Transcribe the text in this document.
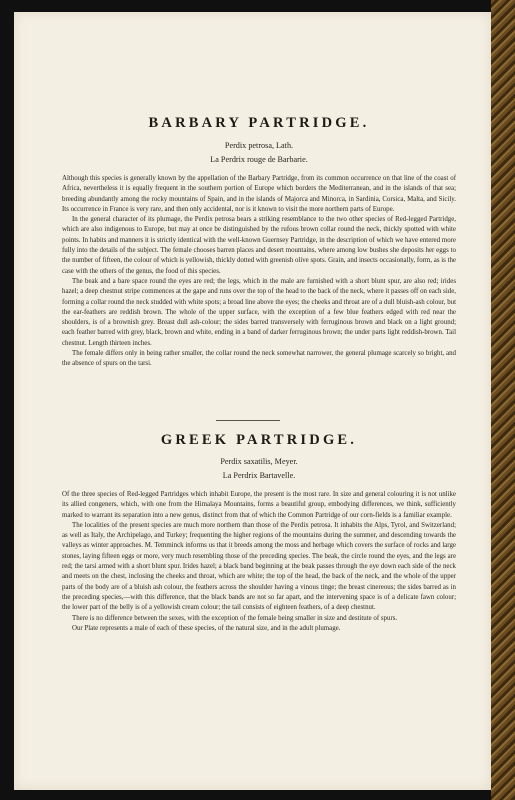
BARBARY PARTRIDGE.

Perdix petrosa, Lath.

La Perdrix rouge de Barbarie.

Although this species is generally known by the appellation of the Barbary Partridge, from its common occurrence on that line of the coast of Africa, nevertheless it is equally frequent in the southern portion of Europe which borders the Mediterranean, and in the islands of that sea; breeding abundantly among the rocky mountains of Spain, and in the islands of Majorca and Minorca, in Sardinia, Corsica, Malta, and Sicily. Its occurrence in France is very rare, and then only accidental, nor is it known to visit the more northern parts of Europe.

In the general character of its plumage, the Perdix petrosa bears a striking resemblance to the two other species of Red-legged Partridge, which are also indigenous to Europe, but may at once be distinguished by the rufous brown collar round the neck, thickly spotted with white points. In habits and manners it is strictly identical with the well-known Guernsey Partridge, in the description of which we have entered more fully into the details of the subject. The female chooses barren places and desert mountains, where among low bushes she deposits her eggs to the number of fifteen, the colour of which is yellowish, thickly dotted with greenish olive spots. Grain, and insects occasionally, form, as is the case with the others of the genus, the food of this species.

The beak and a bare space round the eyes are red; the legs, which in the male are furnished with a short blunt spur, are also red; irides hazel; a deep chestnut stripe commences at the gape and runs over the top of the head to the back of the neck, where it passes off on each side, forming a collar round the neck studded with white spots; a broad line above the eyes; the cheeks and throat are of a dull bluish-ash colour, but the ear-feathers are reddish brown. The whole of the upper surface, with the exception of a few blue feathers edged with red near the shoulders, is of a brownish grey. Breast dull ash-colour; the sides barred transversely with ferruginous brown and black on a light ground; each feather barred with grey, black, brown and white, ending in a band of darker ferruginous brown; the under parts light reddish-brown. Tail chestnut. Length thirteen inches.

The female differs only in being rather smaller, the collar round the neck somewhat narrower, the general plumage scarcely so bright, and the absence of spurs on the tarsi.

GREEK PARTRIDGE.

Perdix saxatilis, Meyer.

La Perdrix Bartavelle.

Of the three species of Red-legged Partridges which inhabit Europe, the present is the most rare. In size and general colouring it is not unlike its allied congeners, which, with one from the Himalaya Mountains, forms a beautiful group, embodying differences, we think, sufficiently marked to warrant its separation into a new genus, distinct from that of which the Common Partridge of our corn-fields is a familiar example.

The localities of the present species are much more northern than those of the Perdix petrosa. It inhabits the Alps, Tyrol, and Switzerland; as well as Italy, the Archipelago, and Turkey; frequenting the higher regions of the mountains during the summer, and descending towards the valleys as winter approaches. M. Temminck informs us that it breeds among the moss and herbage which covers the surface of rocks and large stones, laying fifteen eggs or more, very much resembling those of the preceding species. The beak, the circle round the eyes, and the legs are red; the tarsi armed with a short blunt spur. Irides hazel; a black band beginning at the beak passes through the eye down each side of the neck and meets on the chest, inclosing the cheeks and throat, which are white; the top of the head, the back of the neck, and the whole of the upper parts of the body are of a bluish ash colour, the feathers across the shoulder having a vinous tinge; the breast cinereous; the sides barred as in the preceding species,—with this difference, that the black bands are not so far apart, and the intervening space is of a delicate fawn colour; the lower part of the belly is of a yellowish cream colour; the tail consists of eighteen feathers, of a deep chestnut.

There is no difference between the sexes, with the exception of the female being smaller in size and destitute of spurs.

Our Plate represents a male of each of these species, of the natural size, and in the adult plumage.
